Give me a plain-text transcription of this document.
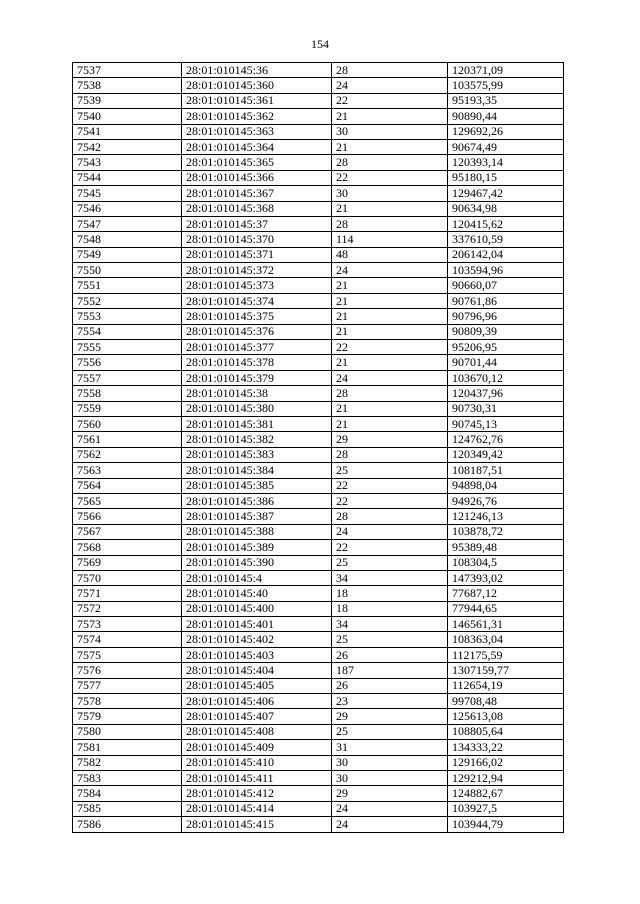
154
7537	28:01:010145:36	28	120371,09
7538	28:01:010145:360	24	103575,99
7539	28:01:010145:361	22	95193,35
7540	28:01:010145:362	21	90890,44
7541	28:01:010145:363	30	129692,26
7542	28:01:010145:364	21	90674,49
7543	28:01:010145:365	28	120393,14
7544	28:01:010145:366	22	95180,15
7545	28:01:010145:367	30	129467,42
7546	28:01:010145:368	21	90634,98
7547	28:01:010145:37	28	120415,62
7548	28:01:010145:370	114	337610,59
7549	28:01:010145:371	48	206142,04
7550	28:01:010145:372	24	103594,96
7551	28:01:010145:373	21	90660,07
7552	28:01:010145:374	21	90761,86
7553	28:01:010145:375	21	90796,96
7554	28:01:010145:376	21	90809,39
7555	28:01:010145:377	22	95206,95
7556	28:01:010145:378	21	90701,44
7557	28:01:010145:379	24	103670,12
7558	28:01:010145:38	28	120437,96
7559	28:01:010145:380	21	90730,31
7560	28:01:010145:381	21	90745,13
7561	28:01:010145:382	29	124762,76
7562	28:01:010145:383	28	120349,42
7563	28:01:010145:384	25	108187,51
7564	28:01:010145:385	22	94898,04
7565	28:01:010145:386	22	94926,76
7566	28:01:010145:387	28	121246,13
7567	28:01:010145:388	24	103878,72
7568	28:01:010145:389	22	95389,48
7569	28:01:010145:390	25	108304,5
7570	28:01:010145:4	34	147393,02
7571	28:01:010145:40	18	77687,12
7572	28:01:010145:400	18	77944,65
7573	28:01:010145:401	34	146561,31
7574	28:01:010145:402	25	108363,04
7575	28:01:010145:403	26	112175,59
7576	28:01:010145:404	187	1307159,77
7577	28:01:010145:405	26	112654,19
7578	28:01:010145:406	23	99708,48
7579	28:01:010145:407	29	125613,08
7580	28:01:010145:408	25	108805,64
7581	28:01:010145:409	31	134333,22
7582	28:01:010145:410	30	129166,02
7583	28:01:010145:411	30	129212,94
7584	28:01:010145:412	29	124882,67
7585	28:01:010145:414	24	103927,5
7586	28:01:010145:415	24	103944,79
